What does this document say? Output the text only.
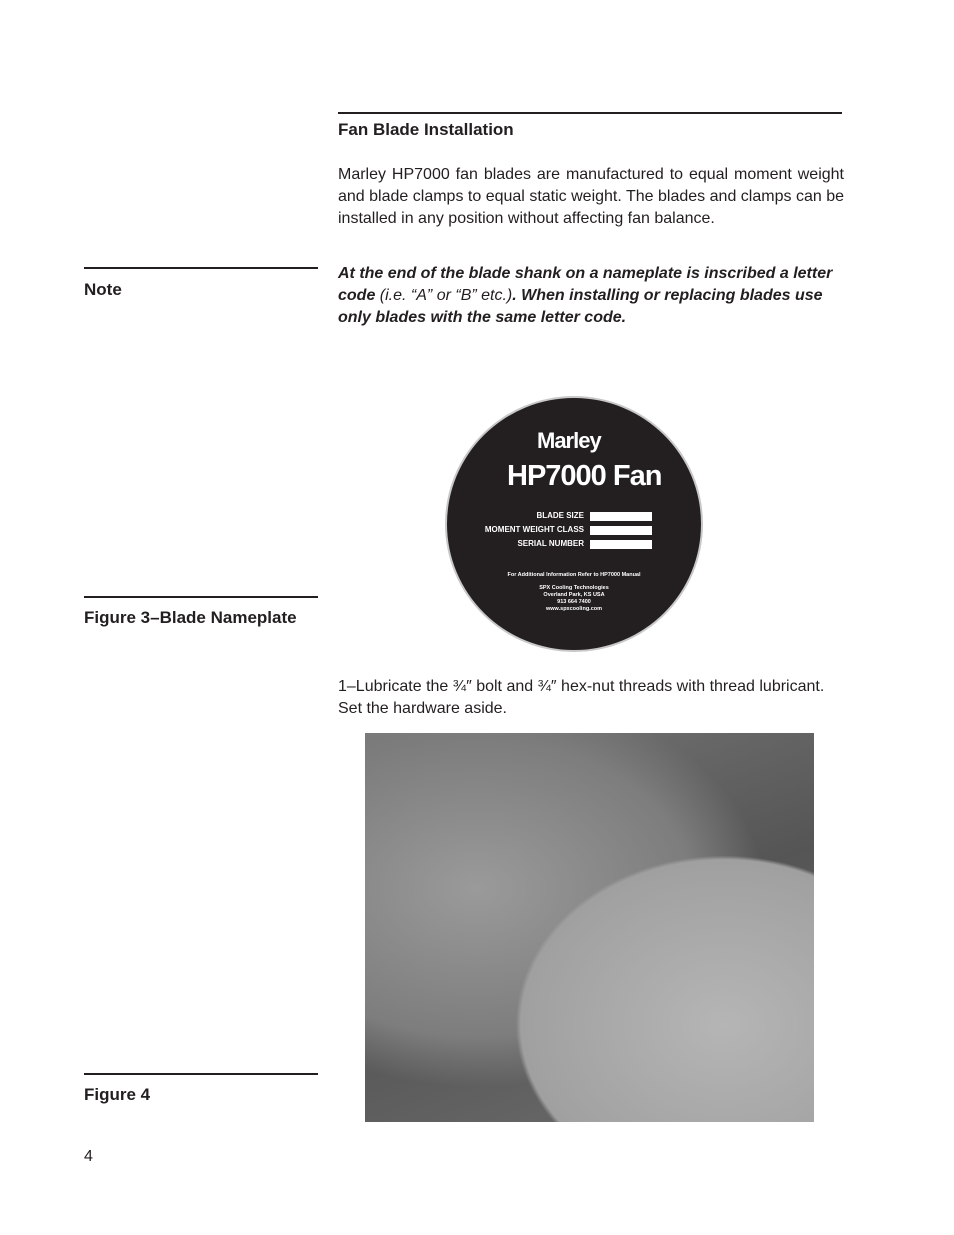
Fan Blade Installation
Marley HP7000 fan blades are manufactured to equal moment weight and blade clamps to equal static weight. The blades and clamps can be installed in any position without affecting fan balance.
Note
At the end of the blade shank on a nameplate is inscribed a letter code (i.e. “A” or “B” etc.). When installing or replacing blades use only blades with the same letter code.
Marley
HP7000 Fan
BLADE SIZE
MOMENT WEIGHT CLASS
SERIAL NUMBER
For Additional Information Refer to HP7000 Manual
SPX Cooling Technologies
Overland Park, KS USA
913 664 7400
www.spxcooling.com
Figure 3–Blade Nameplate
1–Lubricate the ¾″ bolt and ¾″ hex-nut threads with thread lubricant. Set the hardware aside.
Figure 4
4
